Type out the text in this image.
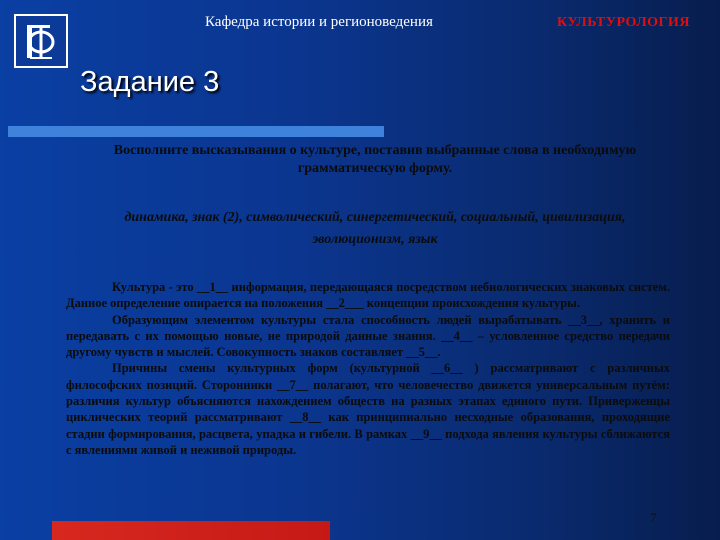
Кафедра истории и регионоведения	КУЛЬТУРОЛОГИЯ
Задание 3
Восполните высказывания о культуре, поставив выбранные слова в необходимую грамматическую форму.
динамика, знак (2), символический, синергетический, социальный, цивилизация, эволюционизм, язык

Культура - это __1__ информация, передающаяся посредством небиологических знаковых систем. Данное определение опирается на положения __2___ концепции происхождения культуры.

Образующим элементом культуры стала способность людей вырабатывать __3__, хранить и передавать с их помощью новые, не природой данные знания. __4__ – условленное средство передачи другому чувств и мыслей. Совокупность знаков составляет __5__.

Причины смены культурных форм (культурной __6__ ) рассматривают с различных философских позиций. Сторонники __7__ полагают, что человечество движется универсальным путём: различия культур объясняются нахождением обществ на разных этапах единого пути. Приверженцы циклических теорий рассматривают __8__ как принципиально несходные образования, проходящие стадии формирования, расцвета, упадка и гибели. В рамках __9__ подхода явления культуры сближаются с явлениями живой и неживой природы.

7
